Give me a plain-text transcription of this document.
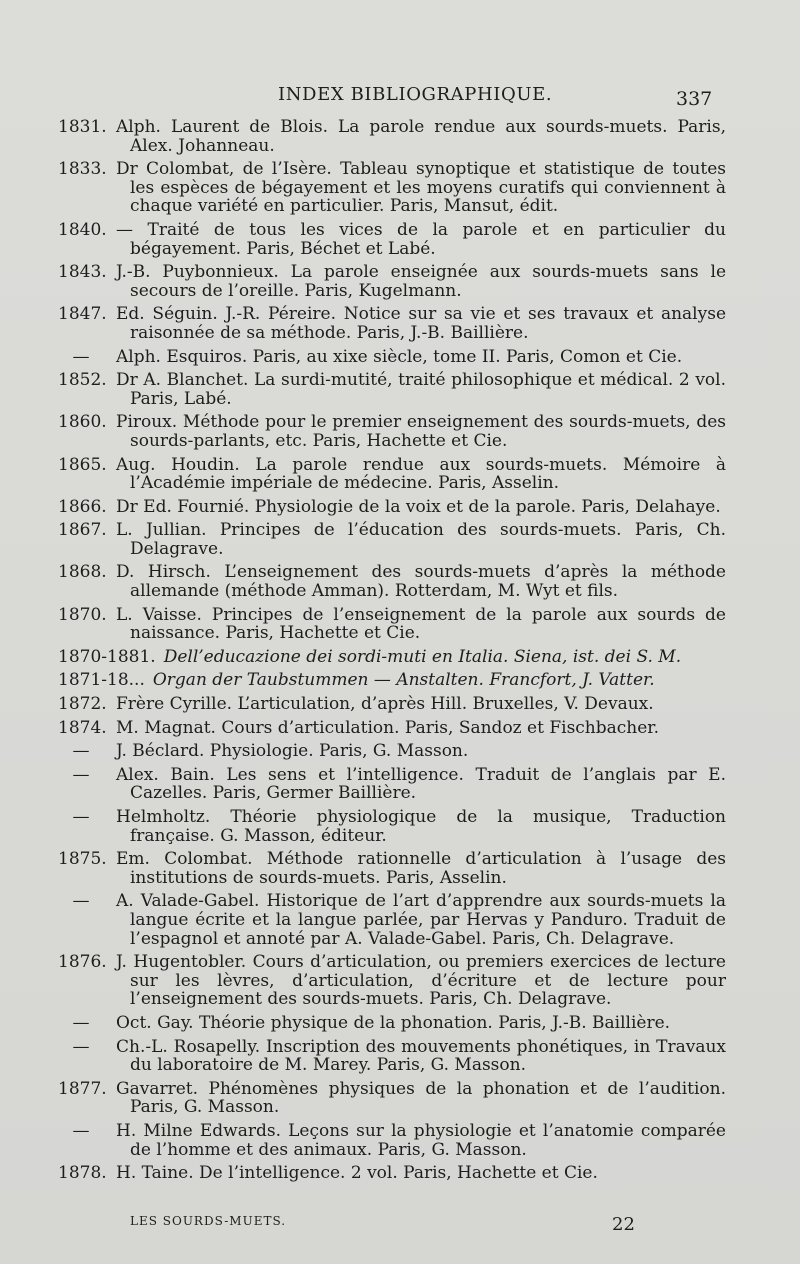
INDEX BIBLIOGRAPHIQUE.	337
1831. Alph. Laurent de Blois. La parole rendue aux sourds-muets. Paris, Alex. Johanneau.
1833. Dr Colombat, de l’Isère. Tableau synoptique et statistique de toutes les espèces de bégayement et les moyens curatifs qui conviennent à chaque variété en particulier. Paris, Mansut, édit.
1840. — Traité de tous les vices de la parole et en particulier du bégayement. Paris, Béchet et Labé.
1843. J.-B. Puybonnieux. La parole enseignée aux sourds-muets sans le secours de l’oreille. Paris, Kugelmann.
1847. Ed. Séguin. J.-R. Péreire. Notice sur sa vie et ses travaux et analyse raisonnée de sa méthode. Paris, J.-B. Baillière.
—	Alph. Esquiros. Paris, au xixe siècle, tome II. Paris, Comon et Cie.
1852. Dr A. Blanchet. La surdi-mutité, traité philosophique et médical. 2 vol. Paris, Labé.
1860. Piroux. Méthode pour le premier enseignement des sourds-muets, des sourds-parlants, etc. Paris, Hachette et Cie.
1865. Aug. Houdin. La parole rendue aux sourds-muets. Mémoire à l’Académie impériale de médecine. Paris, Asselin.
1866. Dr Ed. Fournié. Physiologie de la voix et de la parole. Paris, Delahaye.
1867. L. Jullian. Principes de l’éducation des sourds-muets. Paris, Ch. Delagrave.
1868. D. Hirsch. L’enseignement des sourds-muets d’après la méthode allemande (méthode Amman). Rotterdam, M. Wyt et fils.
1870. L. Vaisse. Principes de l’enseignement de la parole aux sourds de naissance. Paris, Hachette et Cie.
1870-1881. Dell’educazione dei sordi-muti en Italia. Siena, ist. dei S. M.
1871-18... Organ der Taubstummen — Anstalten. Francfort, J. Vatter.
1872. Frère Cyrille. L’articulation, d’après Hill. Bruxelles, V. Devaux.
1874. M. Magnat. Cours d’articulation. Paris, Sandoz et Fischbacher.
—	J. Béclard. Physiologie. Paris, G. Masson.
—	Alex. Bain. Les sens et l’intelligence. Traduit de l’anglais par E. Cazelles. Paris, Germer Baillière.
—	Helmholtz. Théorie physiologique de la musique, Traduction française. G. Masson, éditeur.
1875. Em. Colombat. Méthode rationnelle d’articulation à l’usage des institutions de sourds-muets. Paris, Asselin.
—	A. Valade-Gabel. Historique de l’art d’apprendre aux sourds-muets la langue écrite et la langue parlée, par Hervas y Panduro. Traduit de l’espagnol et annoté par A. Valade-Gabel. Paris, Ch. Delagrave.
1876. J. Hugentobler. Cours d’articulation, ou premiers exercices de lecture sur les lèvres, d’articulation, d’écriture et de lecture pour l’enseignement des sourds-muets. Paris, Ch. Delagrave.
—	Oct. Gay. Théorie physique de la phonation. Paris, J.-B. Baillière.
—	Ch.-L. Rosapelly. Inscription des mouvements phonétiques, in Travaux du laboratoire de M. Marey. Paris, G. Masson.
1877. Gavarret. Phénomènes physiques de la phonation et de l’audition. Paris, G. Masson.
—	H. Milne Edwards. Leçons sur la physiologie et l’anatomie comparée de l’homme et des animaux. Paris, G. Masson.
1878. H. Taine. De l’intelligence. 2 vol. Paris, Hachette et Cie.
LES SOURDS-MUETS.	22
